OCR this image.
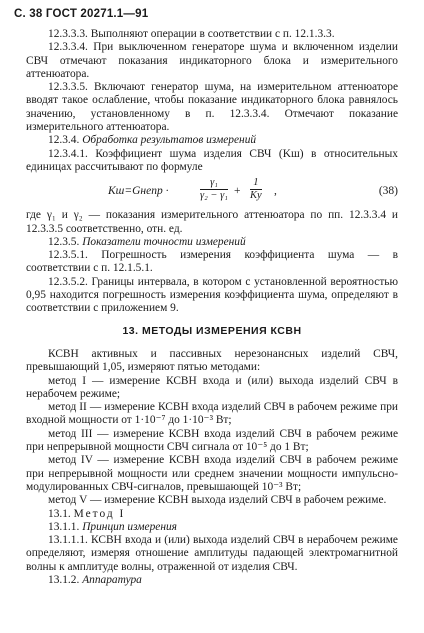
С. 38 ГОСТ 20271.1—91

12.3.3.3. Выполняют операции в соответствии с п. 12.1.3.3.

12.3.3.4. При выключенном генераторе шума и включенном изделии СВЧ отмечают показания индикаторного блока и измерительного аттенюатора.

12.3.3.5. Включают генератор шума, на измерительном аттенюаторе вводят такое ослабление, чтобы показание индикаторного блока равнялось значению, установленному в п. 12.3.3.4. Отмечают показание измерительного аттенюатора.

12.3.4. Обработка результатов измерений

12.3.4.1. Коэффициент шума изделия СВЧ (Kш) в относительных единицах рассчитывают по формуле

Kш=Gнепр ·	$\frac{\text{γ₁}}{\text{γ₂ − γ₁}}$ +
1
Kу ,	(38)

где γ₁ и γ₂ — показания измерительного аттенюатора по пп. 12.3.3.4 и 12.3.3.5 соответственно, отн. ед.

12.3.5. Показатели точности измерений

12.3.5.1. Погрешность измерения коэффициента шума — в соответствии с п. 12.1.5.1.

12.3.5.2. Границы интервала, в котором с установленной вероятностью 0,95 находится погрешность измерения коэффициента шума, определяют в соответствии с приложением 9.

13. МЕТОДЫ ИЗМЕРЕНИЯ КСВН

КСВН активных и пассивных нерезонансных изделий СВЧ, превышающий 1,05, измеряют пятью методами:

метод I — измерение КСВН входа и (или) выхода изделий СВЧ в нерабочем режиме;

метод II — измерение КСВН входа изделий СВЧ в рабочем режиме при входной мощности от 1·10⁻⁷ до 1·10⁻³ Вт;

метод III — измерение КСВН входа изделий СВЧ в рабочем режиме при непрерывной мощности СВЧ сигнала от 10⁻⁵ до 1 Вт;

метод IV — измерение КСВН входа изделий СВЧ в рабочем режиме при непрерывной мощности или среднем значении мощности импульсно-модулированных СВЧ-сигналов, превышающей 10⁻³ Вт;

метод V — измерение КСВН выхода изделий СВЧ в рабочем режиме.

13.1. Метод I

13.1.1. Принцип измерения

13.1.1.1. КСВН входа и (или) выхода изделий СВЧ в нерабочем режиме определяют, измеряя отношение амплитуды падающей электромагнитной волны к амплитуде волны, отраженной от изделия СВЧ.

13.1.2. Аппаратура
